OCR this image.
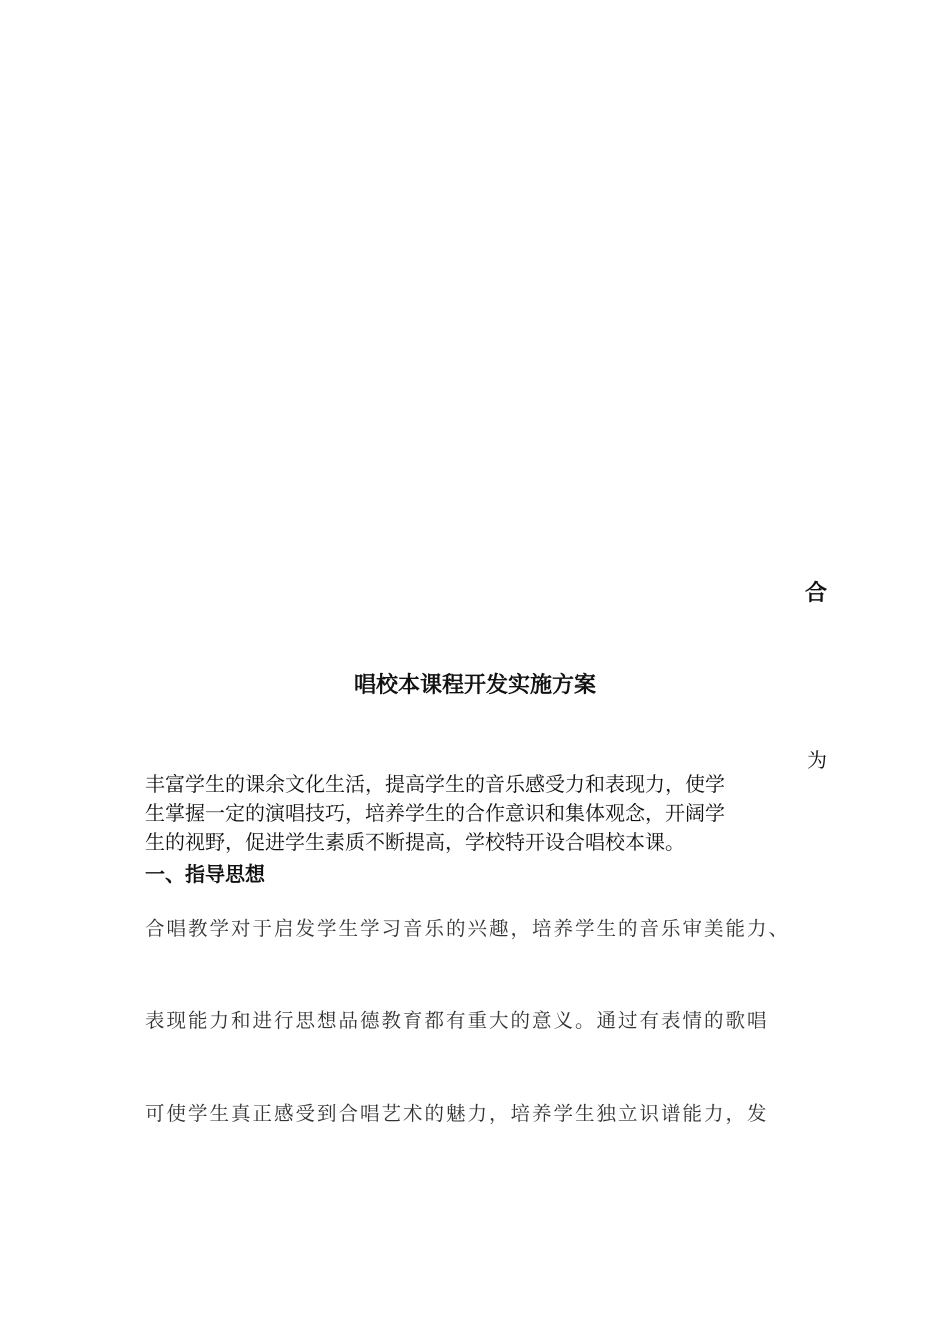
合
唱校本课程开发实施方案
为
丰富学生的课余文化生活，提高学生的音乐感受力和表现力，使学
生掌握一定的演唱技巧，培养学生的合作意识和集体观念，开阔学
生的视野，促进学生素质不断提高，学校特开设合唱校本课。
一、指导思想
合唱教学对于启发学生学习音乐的兴趣，培养学生的音乐审美能力、
表现能力和进行思想品德教育都有重大的意义。通过有表情的歌唱
可使学生真正感受到合唱艺术的魅力，培养学生独立识谱能力，发
